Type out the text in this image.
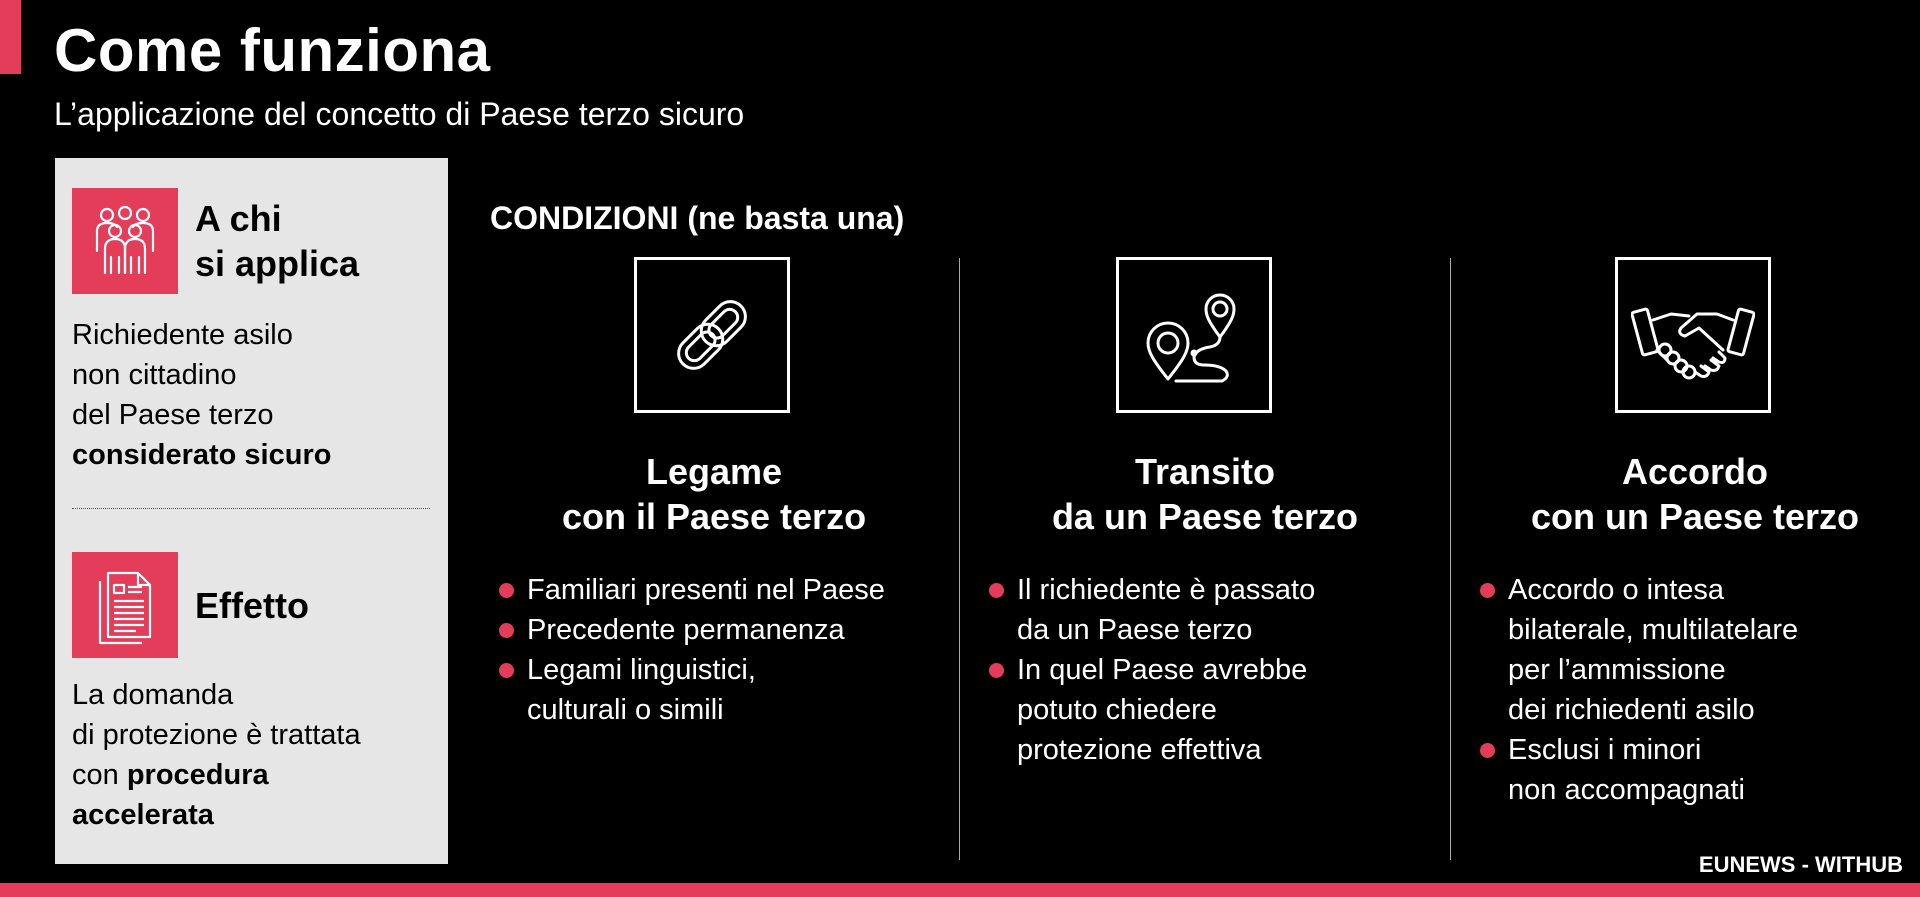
Come funziona
L’applicazione del concetto di Paese terzo sicuro
A chi
si applica
Richiedente asilo
non cittadino
del Paese terzo
considerato sicuro
Effetto
La domanda
di protezione è trattata
con procedura
accelerata
CONDIZIONI (ne basta una)
Legame
con il Paese terzo
Familiari presenti nel Paese
Precedente permanenza
Legami linguistici,
culturali o simili
Transito
da un Paese terzo
Il richiedente è passato
da un Paese terzo
In quel Paese avrebbe
potuto chiedere
protezione effettiva
Accordo
con un Paese terzo
Accordo o intesa
bilaterale, multilatelare
per l’ammissione
dei richiedenti asilo
Esclusi i minori
non accompagnati
EUNEWS - WITHUB
